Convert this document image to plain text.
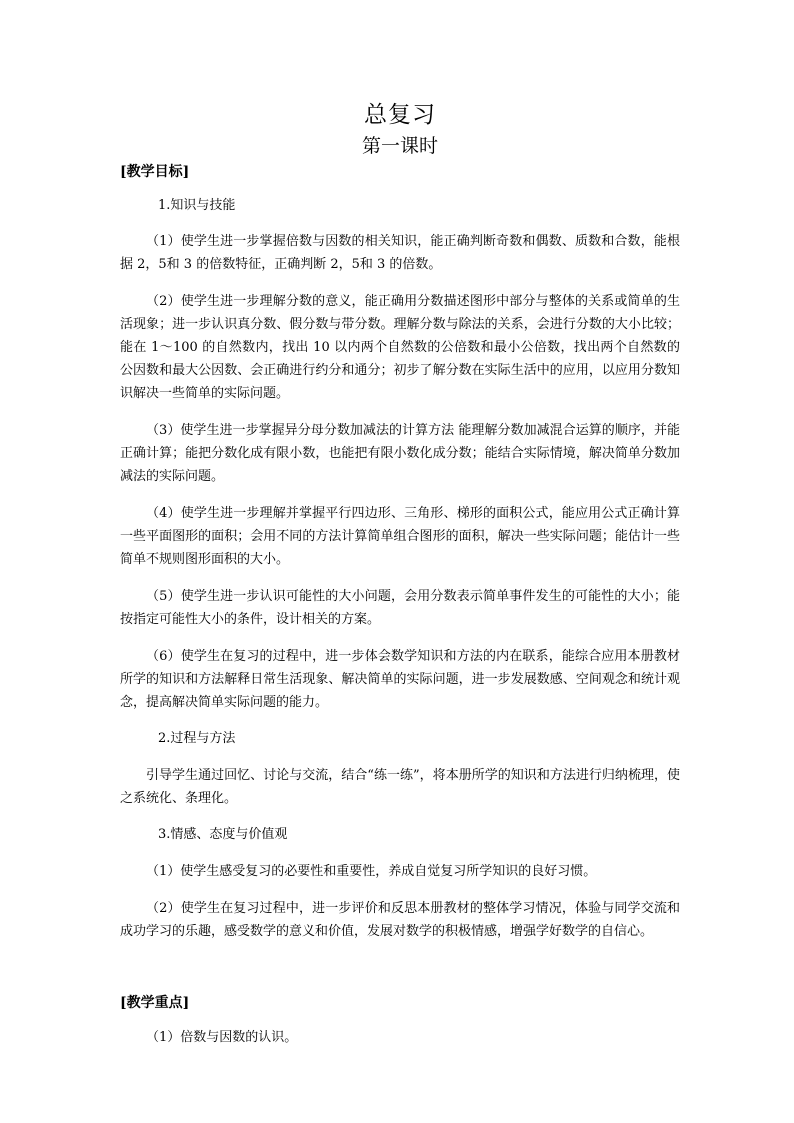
总复习
第一课时

[教学目标]

1.知识与技能

（1）使学生进一步掌握倍数与因数的相关知识，能正确判断奇数和偶数、质数和合数，能根据 2，5和 3 的倍数特征，正确判断 2，5和 3 的倍数。

（2）使学生进一步理解分数的意义，能正确用分数描述图形中部分与整体的关系或简单的生活现象；进一步认识真分数、假分数与带分数。理解分数与除法的关系，会进行分数的大小比较；能在 1～100 的自然数内，找出 10 以内两个自然数的公倍数和最小公倍数，找出两个自然数的公因数和最大公因数、会正确进行约分和通分；初步了解分数在实际生活中的应用，以应用分数知识解决一些简单的实际问题。

（3）使学生进一步掌握异分母分数加减法的计算方法 能理解分数加减混合运算的顺序，并能正确计算；能把分数化成有限小数，也能把有限小数化成分数；能结合实际情境，解决简单分数加减法的实际问题。

（4）使学生进一步理解并掌握平行四边形、三角形、梯形的面积公式，能应用公式正确计算一些平面图形的面积；会用不同的方法计算简单组合图形的面积，解决一些实际问题；能估计一些简单不规则图形面积的大小。

（5）使学生进一步认识可能性的大小问题，会用分数表示简单事件发生的可能性的大小；能按指定可能性大小的条件，设计相关的方案。

（6）使学生在复习的过程中，进一步体会数学知识和方法的内在联系，能综合应用本册教材所学的知识和方法解释日常生活现象、解决简单的实际问题，进一步发展数感、空间观念和统计观念，提高解决简单实际问题的能力。

2.过程与方法

引导学生通过回忆、讨论与交流，结合“练一练”，将本册所学的知识和方法进行归纳梳理，使之系统化、条理化。

3.情感、态度与价值观

（1）使学生感受复习的必要性和重要性，养成自觉复习所学知识的良好习惯。

（2）使学生在复习过程中，进一步评价和反思本册教材的整体学习情况，体验与同学交流和成功学习的乐趣，感受数学的意义和价值，发展对数学的积极情感，增强学好数学的自信心。

[教学重点]

（1）倍数与因数的认识。
